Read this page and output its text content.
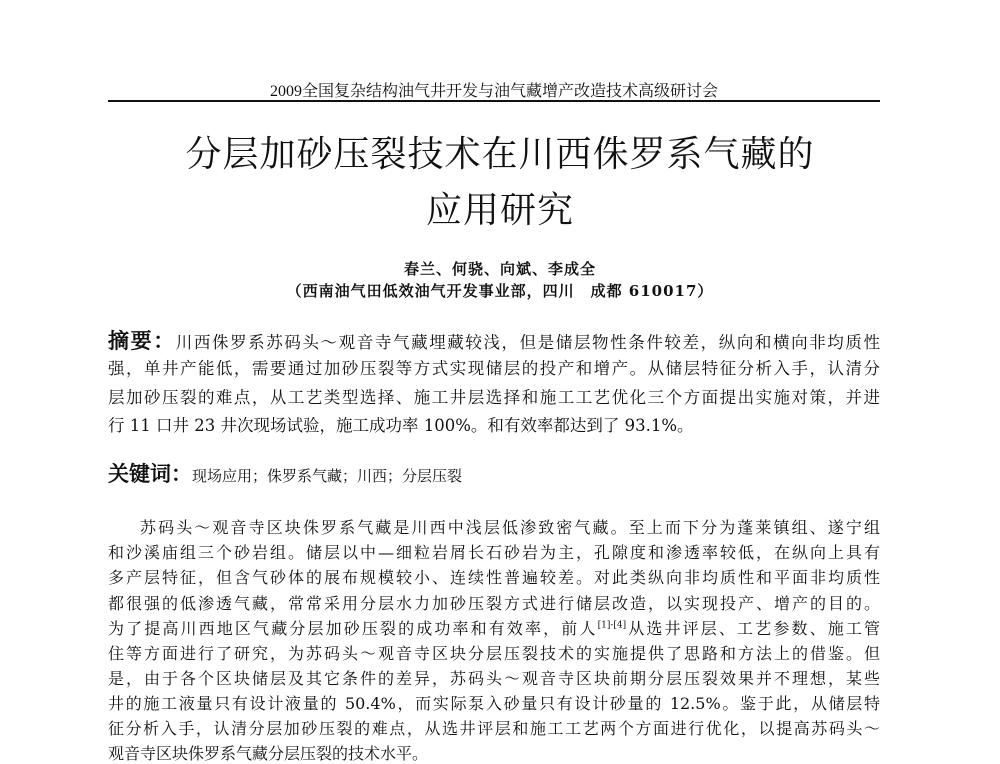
2009全国复杂结构油气井开发与油气藏增产改造技术高级研讨会
分层加砂压裂技术在川西侏罗系气藏的
应用研究
春兰、何骁、向斌、李成全
（西南油气田低效油气开发事业部，四川　成都 610017）
摘要：川西侏罗系苏码头～观音寺气藏埋藏较浅，但是储层物性条件较差，纵向和横向非均质性
强，单井产能低，需要通过加砂压裂等方式实现储层的投产和增产。从储层特征分析入手，认清分
层加砂压裂的难点，从工艺类型选择、施工井层选择和施工工艺优化三个方面提出实施对策，并进
行 11 口井 23 井次现场试验，施工成功率 100%。和有效率都达到了 93.1%。
关键词：现场应用；侏罗系气藏；川西；分层压裂
苏码头～观音寺区块侏罗系气藏是川西中浅层低渗致密气藏。至上而下分为蓬莱镇组、遂宁组
和沙溪庙组三个砂岩组。储层以中—细粒岩屑长石砂岩为主，孔隙度和渗透率较低，在纵向上具有
多产层特征，但含气砂体的展布规模较小、连续性普遍较差。对此类纵向非均质性和平面非均质性
都很强的低渗透气藏，常常采用分层水力加砂压裂方式进行储层改造，以实现投产、增产的目的。
为了提高川西地区气藏分层加砂压裂的成功率和有效率，前人[1]-[4]从选井评层、工艺参数、施工管
住等方面进行了研究，为苏码头～观音寺区块分层压裂技术的实施提供了思路和方法上的借鉴。但
是，由于各个区块储层及其它条件的差异，苏码头～观音寺区块前期分层压裂效果并不理想，某些
井的施工液量只有设计液量的 50.4%，而实际泵入砂量只有设计砂量的 12.5%。鉴于此，从储层特
征分析入手，认清分层加砂压裂的难点，从选井评层和施工工艺两个方面进行优化，以提高苏码头～
观音寺区块侏罗系气藏分层压裂的技术水平。
